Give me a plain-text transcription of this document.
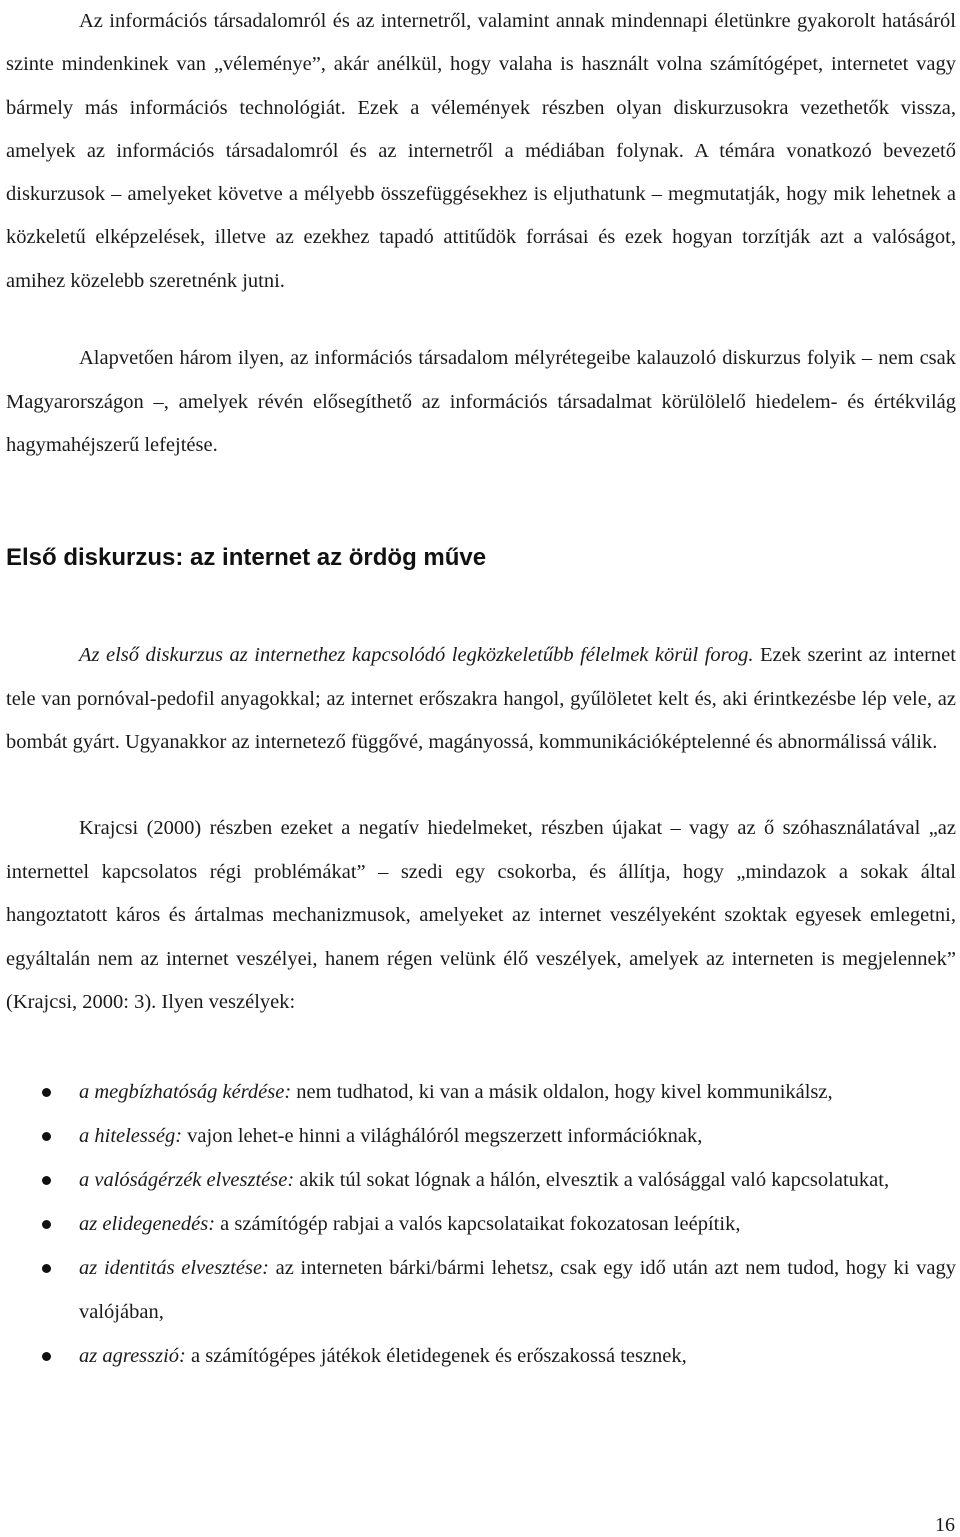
Az információs társadalomról és az internetről, valamint annak mindennapi életünkre gyakorolt hatásáról szinte mindenkinek van „véleménye”, akár anélkül, hogy valaha is használt volna számítógépet, internetet vagy bármely más információs technológiát. Ezek a vélemények részben olyan diskurzusokra vezethetők vissza, amelyek az információs társadalomról és az internetről a médiában folynak. A témára vonatkozó bevezető diskurzusok – amelyeket követve a mélyebb összefüggésekhez is eljuthatunk – megmutatják, hogy mik lehetnek a közkeletű elképzelések, illetve az ezekhez tapadó attitűdök forrásai és ezek hogyan torzítják azt a valóságot, amihez közelebb szeretnénk jutni.

Alapvetően három ilyen, az információs társadalom mélyrétegeibe kalauzoló diskurzus folyik – nem csak Magyarországon –, amelyek révén elősegíthető az információs társadalmat körülölelő hiedelem- és értékvilág hagymahéjszerű lefejtése.

Első diskurzus: az internet az ördög műve

Az első diskurzus az internethez kapcsolódó legközkeletűbb félelmek körül forog. Ezek szerint az internet tele van pornóval-pedofil anyagokkal; az internet erőszakra hangol, gyűlöletet kelt és, aki érintkezésbe lép vele, az bombát gyárt. Ugyanakkor az internetező függővé, magányossá, kommunikációképtelenné és abnormálissá válik.

Krajcsi (2000) részben ezeket a negatív hiedelmeket, részben újakat – vagy az ő szóhasználatával „az internettel kapcsolatos régi problémákat” – szedi egy csokorba, és állítja, hogy „mindazok a sokak által hangoztatott káros és ártalmas mechanizmusok, amelyeket az internet veszélyeként szoktak egyesek emlegetni, egyáltalán nem az internet veszélyei, hanem régen velünk élő veszélyek, amelyek az interneten is megjelennek” (Krajcsi, 2000: 3). Ilyen veszélyek:

a megbízhatóság kérdése: nem tudhatod, ki van a másik oldalon, hogy kivel kommunikálsz,
a hitelesség: vajon lehet-e hinni a világhálóról megszerzett információknak,
a valóságérzék elvesztése: akik túl sokat lógnak a hálón, elvesztik a valósággal való kapcsolatukat,
az elidegenedés: a számítógép rabjai a valós kapcsolataikat fokozatosan leépítik,
az identitás elvesztése: az interneten bárki/bármi lehetsz, csak egy idő után azt nem tudod, hogy ki vagy valójában,
az agresszió: a számítógépes játékok életidegenek és erőszakossá tesznek,
16
